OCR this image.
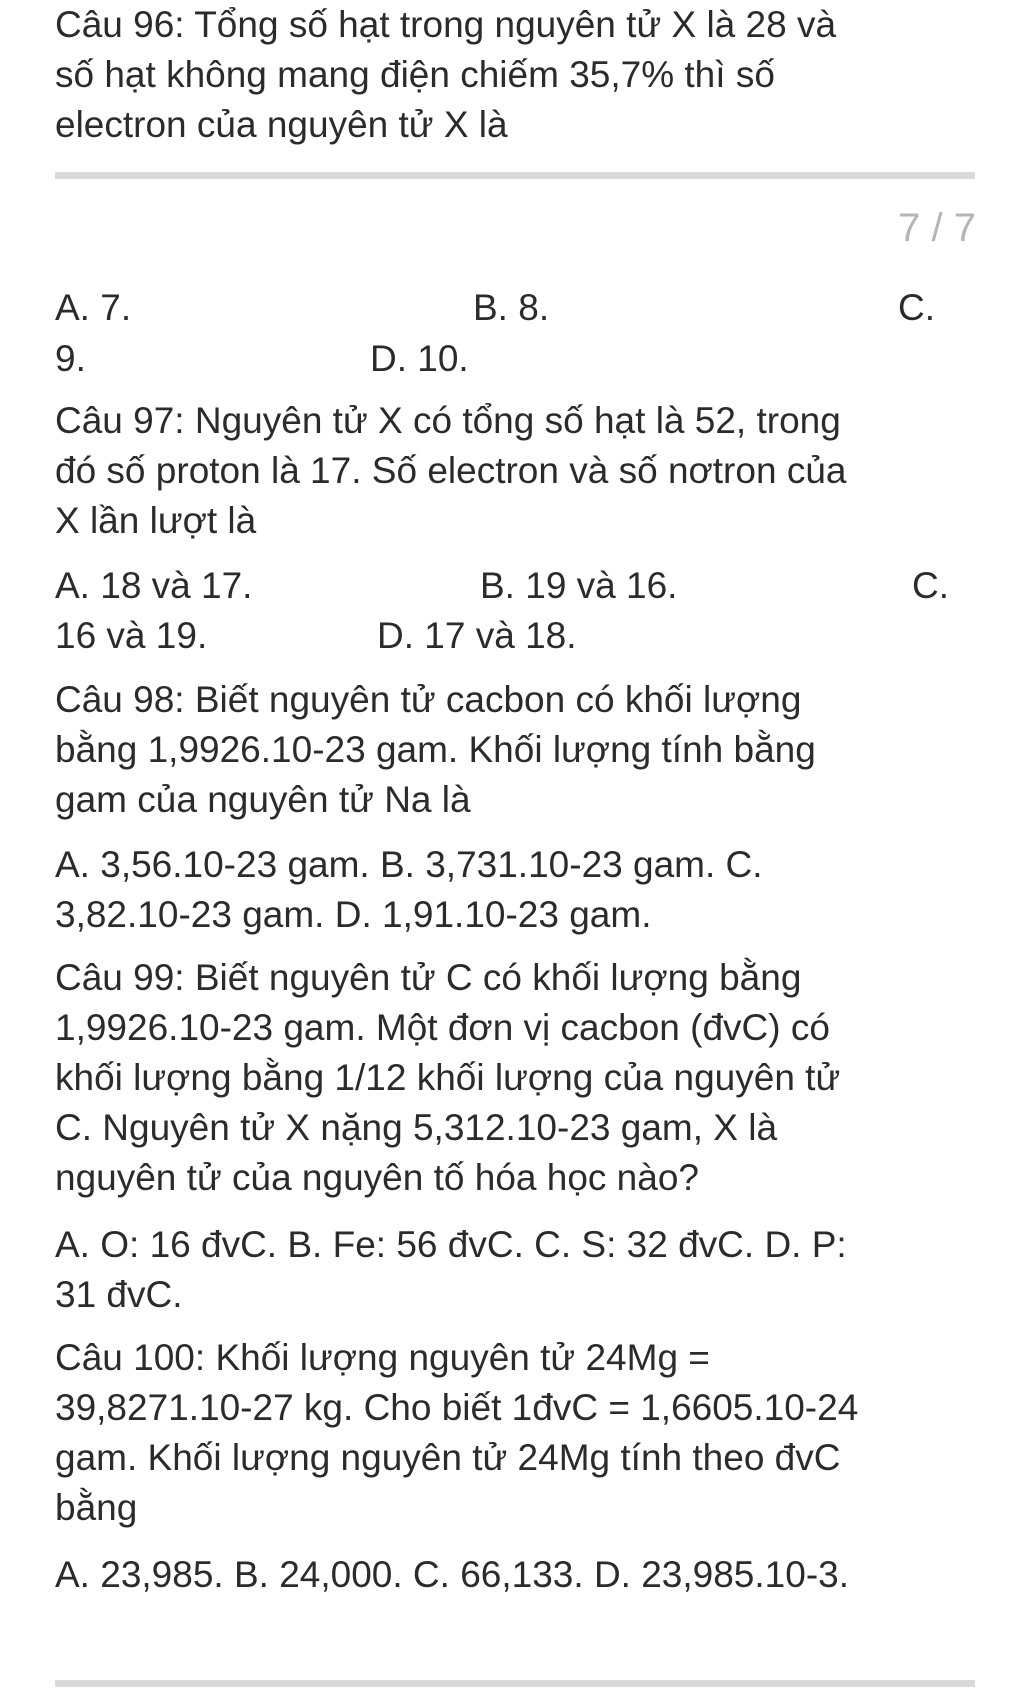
Câu 96: Tổng số hạt trong nguyên tử X là 28 và
số hạt không mang điện chiếm 35,7% thì số
electron của nguyên tử X là
7 / 7
A. 7.	B. 8.	C.
9.	D. 10.
Câu 97: Nguyên tử X có tổng số hạt là 52, trong
đó số proton là 17. Số electron và số nơtron của
X lần lượt là
A. 18 và 17.	B. 19 và 16.	C.
16 và 19.	D. 17 và 18.
Câu 98: Biết nguyên tử cacbon có khối lượng
bằng 1,9926.10-23 gam. Khối lượng tính bằng
gam của nguyên tử Na là
A. 3,56.10-23 gam. B. 3,731.10-23 gam. C.
3,82.10-23 gam. D. 1,91.10-23 gam.
Câu 99: Biết nguyên tử C có khối lượng bằng
1,9926.10-23 gam. Một đơn vị cacbon (đvC) có
khối lượng bằng 1/12 khối lượng của nguyên tử
C. Nguyên tử X nặng 5,312.10-23 gam, X là
nguyên tử của nguyên tố hóa học nào?
A. O: 16 đvC. B. Fe: 56 đvC. C. S: 32 đvC. D. P:
31 đvC.
Câu 100: Khối lượng nguyên tử 24Mg =
39,8271.10-27 kg. Cho biết 1đvC = 1,6605.10-24
gam. Khối lượng nguyên tử 24Mg tính theo đvC
bằng
A. 23,985. B. 24,000. C. 66,133. D. 23,985.10-3.
